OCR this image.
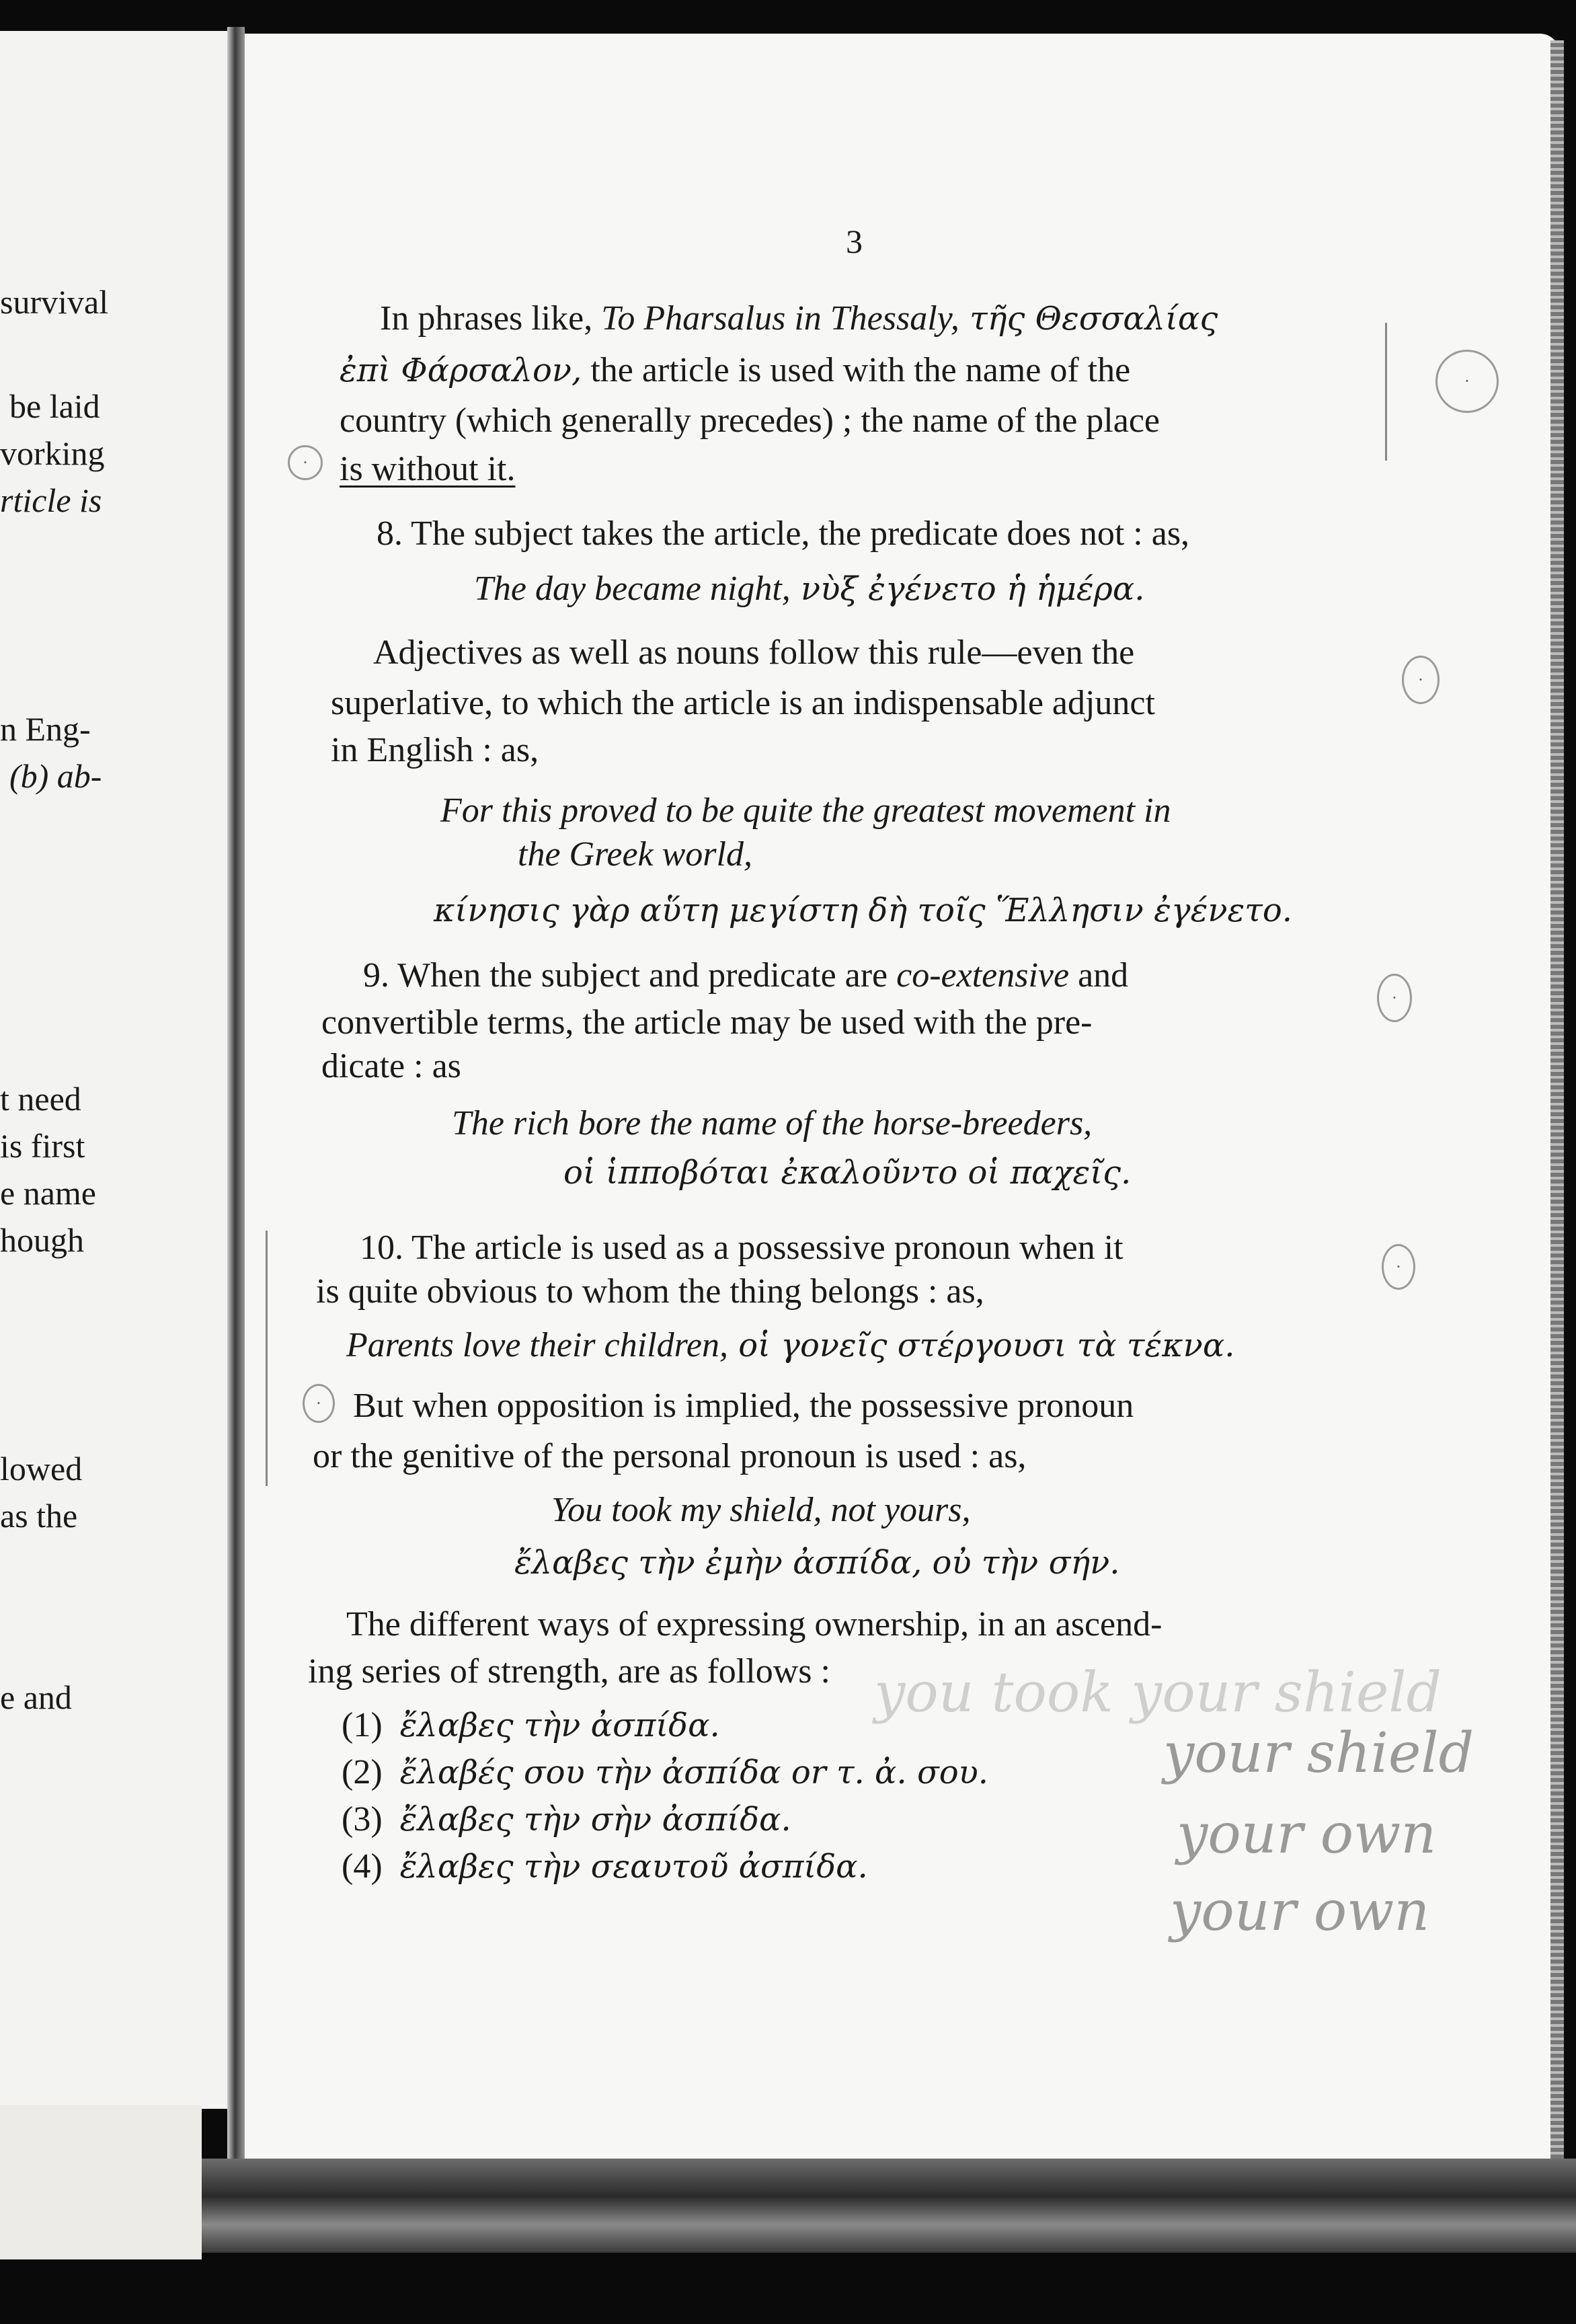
survival
be laid
vorking
rticle is
n Eng-
(b) ab-
t need
is first
e name
hough
lowed
as the
e and
3
In phrases like, To Pharsalus in Thessaly, τῆς Θεσσαλίας
ἐπὶ Φάρσαλον, the article is used with the name of the
country (which generally precedes) ; the name of the place
is without it.
8. The subject takes the article, the predicate does not : as,
The day became night, νὺξ ἐγένετο ἡ ἡμέρα.
Adjectives as well as nouns follow this rule—even the
superlative, to which the article is an indispensable adjunct
in English : as,
For this proved to be quite the greatest movement in
the Greek world,
κίνησις γὰρ αὕτη μεγίστη δὴ τοῖς Ἕλλησιν ἐγένετο.
9. When the subject and predicate are co-extensive and
convertible terms, the article may be used with the pre-
dicate : as
The rich bore the name of the horse-breeders,
οἱ ἱπποβόται ἐκαλοῦντο οἱ παχεῖς.
10. The article is used as a possessive pronoun when it
is quite obvious to whom the thing belongs : as,
Parents love their children, οἱ γονεῖς στέργουσι τὰ τέκνα.
But when opposition is implied, the possessive pronoun
or the genitive of the personal pronoun is used : as,
You took my shield, not yours,
ἔλαβες τὴν ἐμὴν ἀσπίδα, οὐ τὴν σήν.
The different ways of expressing ownership, in an ascend-
ing series of strength, are as follows :
(1) ἔλαβες τὴν ἀσπίδα.
(2) ἔλαβές σου τὴν ἀσπίδα or τ. ἀ. σου.
(3) ἔλαβες τὴν σὴν ἀσπίδα.
(4) ἔλαβες τὴν σεαυτοῦ ἀσπίδα.
you took your shield
your shield
your own
your own
·
·
·
·
·
·
